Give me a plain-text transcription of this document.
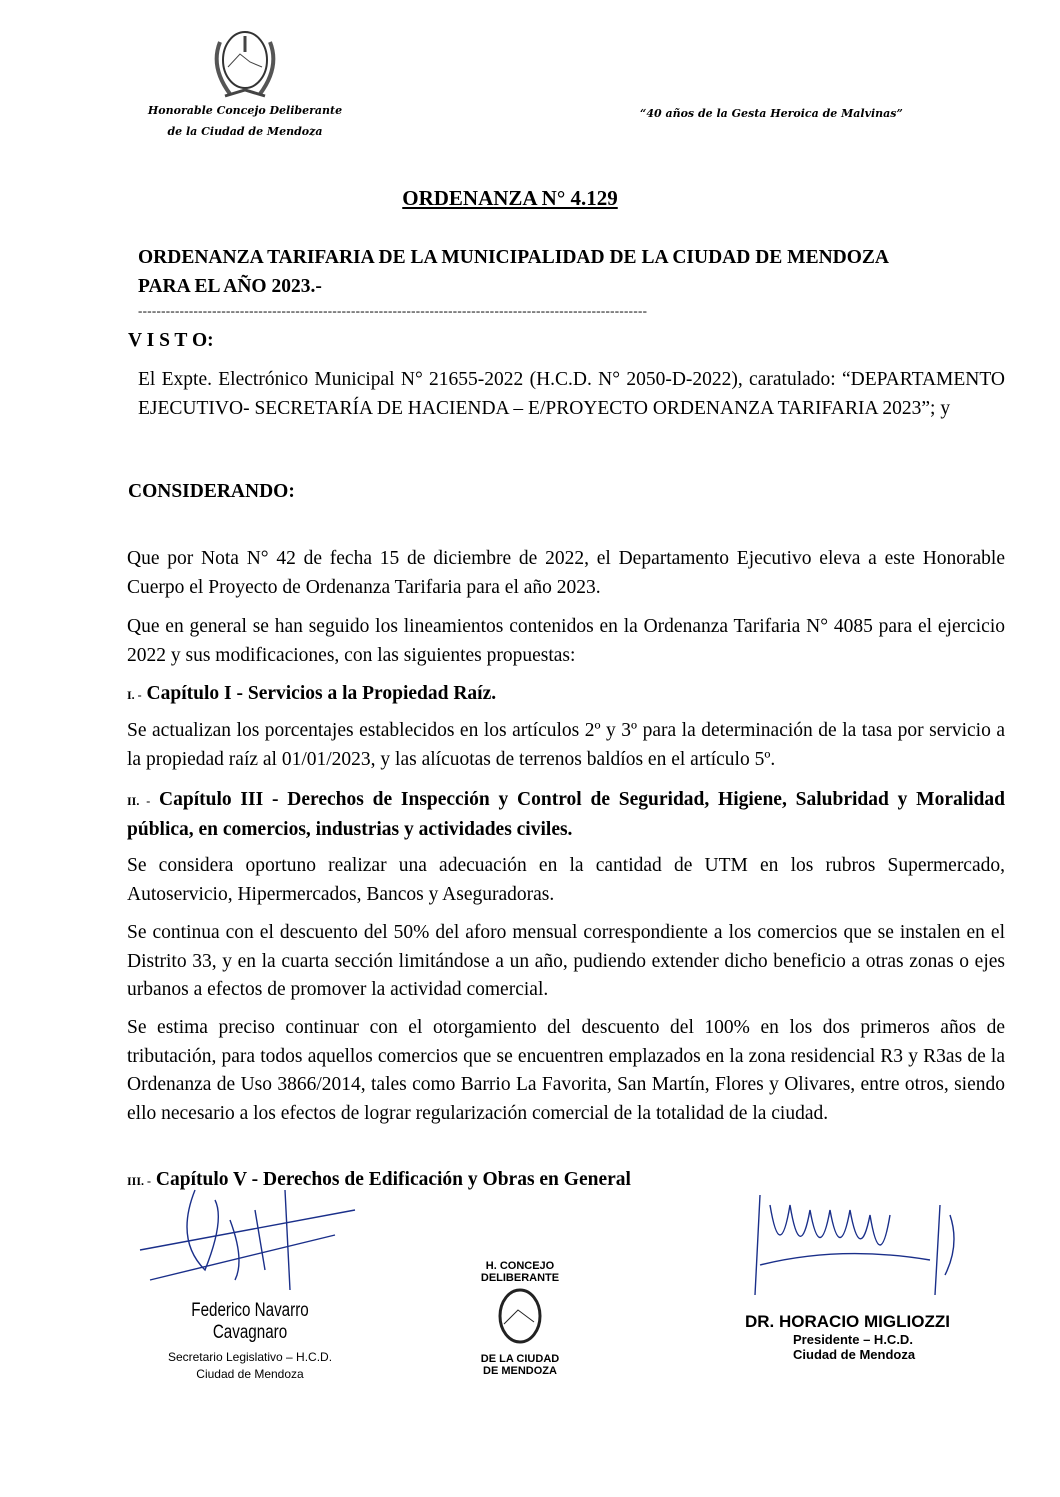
Honorable Concejo Deliberante
de la Ciudad de Mendoza
“40 años de la Gesta Heroica de Malvinas”
ORDENANZA N° 4.129
ORDENANZA TARIFARIA DE LA MUNICIPALIDAD DE LA CIUDAD DE MENDOZA
PARA EL AÑO 2023.-
--------------------------------------------------------------------------------------------------------------
V I S T O:
El Expte. Electrónico Municipal N° 21655-2022 (H.C.D. N° 2050-D-2022), caratulado: “DEPARTAMENTO EJECUTIVO- SECRETARÍA DE HACIENDA – E/PROYECTO ORDENANZA TARIFARIA 2023”; y
CONSIDERANDO:
Que por Nota N° 42 de fecha 15 de diciembre de 2022, el Departamento Ejecutivo eleva a este Honorable Cuerpo el Proyecto de Ordenanza Tarifaria para el año 2023.
Que en general se han seguido los lineamientos contenidos en la Ordenanza Tarifaria N° 4085 para el ejercicio 2022 y sus modificaciones, con las siguientes propuestas:
I. - Capítulo I - Servicios a la Propiedad Raíz.
Se actualizan los porcentajes establecidos en los artículos 2º y 3º para la determinación de la tasa por servicio a la propiedad raíz al 01/01/2023, y las alícuotas de terrenos baldíos en el artículo 5º.
II. - Capítulo III - Derechos de Inspección y Control de Seguridad, Higiene, Salubridad y Moralidad pública, en comercios, industrias y actividades civiles.
Se considera oportuno realizar una adecuación en la cantidad de UTM en los rubros Supermercado, Autoservicio, Hipermercados, Bancos y Aseguradoras.
Se continua con el descuento del 50% del aforo mensual correspondiente a los comercios que se instalen en el Distrito 33, y en la cuarta sección limitándose a un año, pudiendo extender dicho beneficio a otras zonas o ejes urbanos a efectos de promover la actividad comercial.
Se estima preciso continuar con el otorgamiento del descuento del 100% en los dos primeros años de tributación, para todos aquellos comercios que se encuentren emplazados en la zona residencial R3 y R3as de la Ordenanza de Uso 3866/2014, tales como Barrio La Favorita, San Martín, Flores y Olivares, entre otros, siendo ello necesario a los efectos de lograr regularización comercial de la totalidad de la ciudad.
III. - Capítulo V - Derechos de Edificación y Obras en General
Federico Navarro Cavagnaro
Secretario Legislativo – H.C.D.
Ciudad de Mendoza
H. CONCEJO DELIBERANTE
DE LA CIUDAD
DE MENDOZA
DR. HORACIO MIGLIOZZI
Presidente – H.C.D.
Ciudad de Mendoza
